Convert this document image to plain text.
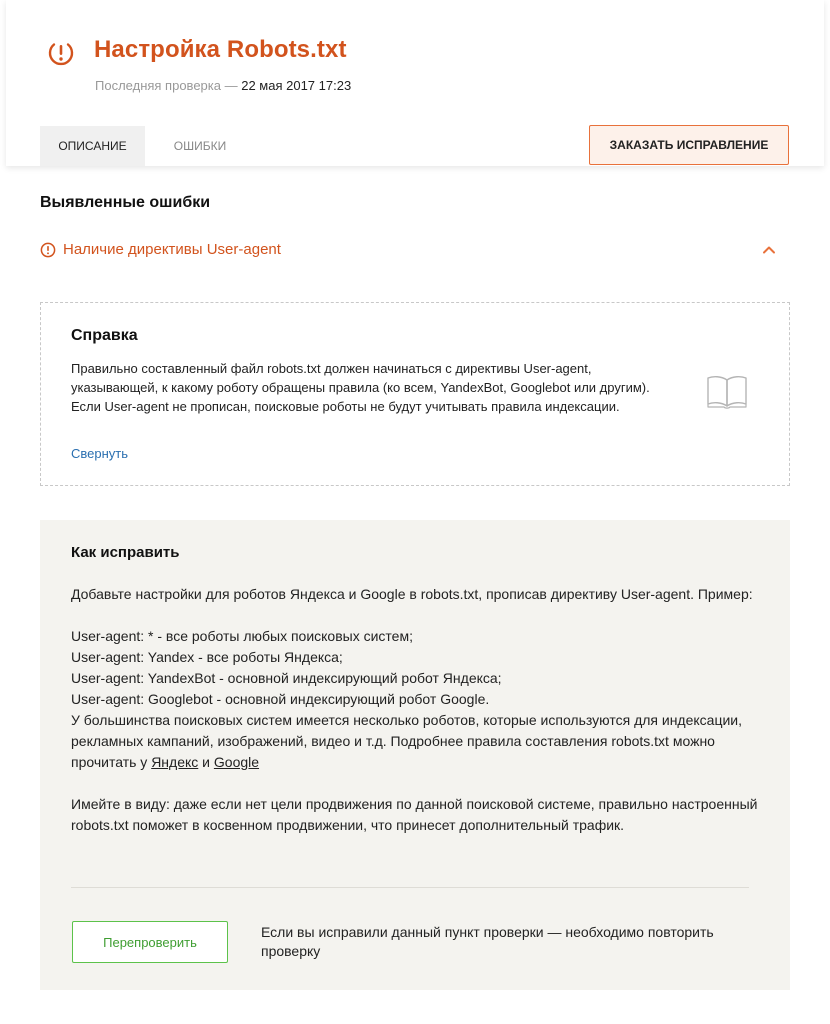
Настройка Robots.txt
Последняя проверка — 22 мая 2017 17:23
ОПИСАНИЕ	ОШИБКИ	ЗАКАЗАТЬ ИСПРАВЛЕНИЕ
Выявленные ошибки
Наличие директивы User-agent
Справка

Правильно составленный файл robots.txt должен начинаться с директивы User-agent, указывающей, к какому роботу обращены правила (ко всем, YandexBot, Googlebot или другим). Если User-agent не прописан, поисковые роботы не будут учитывать правила индексации.

Свернуть
Как исправить

Добавьте настройки для роботов Яндекса и Google в robots.txt, прописав директиву User-agent. Пример:

User-agent: * - все роботы любых поисковых систем;

User-agent: Yandex - все роботы Яндекса;

User-agent: YandexBot - основной индексирующий робот Яндекса;

User-agent: Googlebot - основной индексирующий робот Google.

У большинства поисковых систем имеется несколько роботов, которые используются для индексации, рекламных кампаний, изображений, видео и т.д. Подробнее правила составления robots.txt можно прочитать у Яндекс и Google

Имейте в виду: даже если нет цели продвижения по данной поисковой системе, правильно настроенный robots.txt поможет в косвенном продвижении, что принесет дополнительный трафик.

Перепроверить
Если вы исправили данный пункт проверки — необходимо повторить проверку
